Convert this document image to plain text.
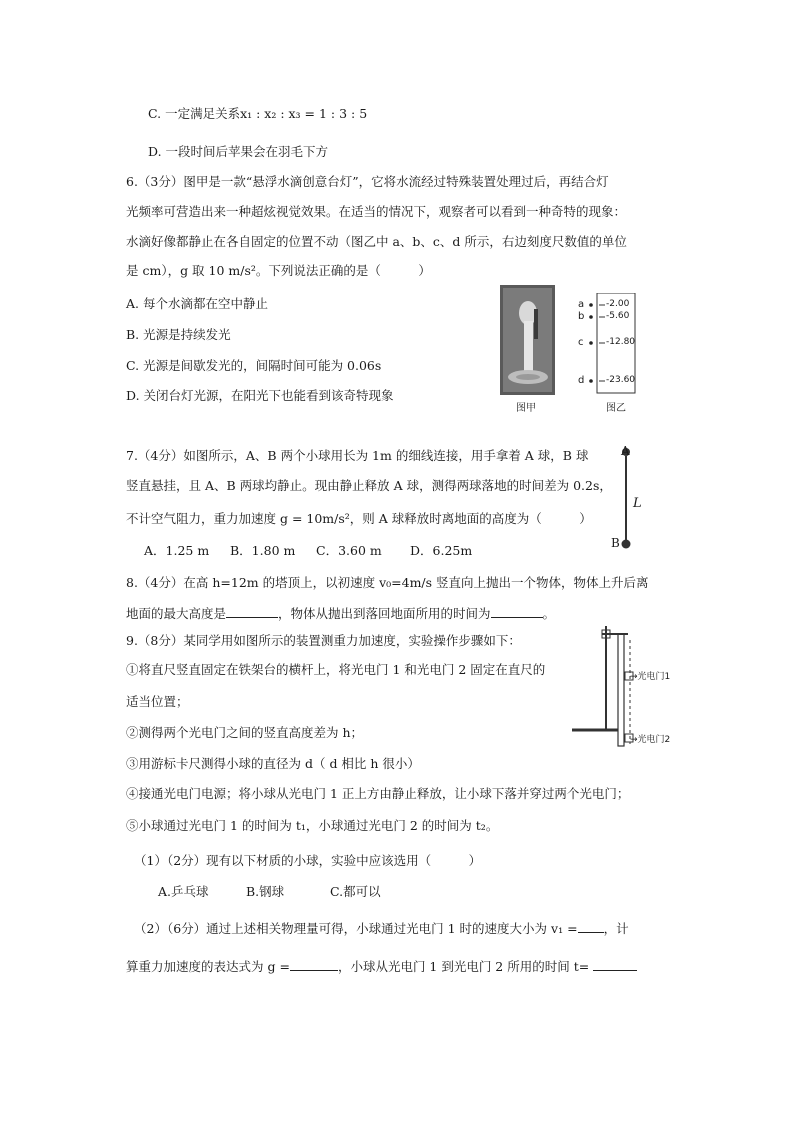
C. 一定满足关系x₁ : x₂ : x₃ = 1 : 3 : 5
D. 一段时间后苹果会在羽毛下方
6.（3分）图甲是一款“悬浮水滴创意台灯”，它将水流经过特殊装置处理过后，再结合灯
光频率可营造出来一种超炫视觉效果。在适当的情况下，观察者可以看到一种奇特的现象：
水滴好像都静止在各自固定的位置不动（图乙中 a、b、c、d 所示，右边刻度尺数值的单位
是 cm），g 取 10 m/s²。下列说法正确的是（　　　）
A. 每个水滴都在空中静止
B. 光源是持续发光
C. 光源是间歇发光的，间隔时间可能为 0.06s
D. 关闭台灯光源，在阳光下也能看到该奇特现象
图甲
a
b
c
d
-2.00
-5.60
-12.80
-23.60
图乙
7.（4分）如图所示，A、B 两个小球用长为 1m 的细线连接，用手拿着 A 球，B 球
竖直悬挂，且 A、B 两球均静止。现由静止释放 A 球，测得两球落地的时间差为 0.2s，
不计空气阻力，重力加速度 g = 10m/s²，则 A 球释放时离地面的高度为（　　　）
A．1.25 m B．1.80 m C．3.60 m D．6.25m
A
B
L
8.（4分）在高 h=12m 的塔顶上，以初速度 v₀=4m/s 竖直向上抛出一个物体，物体上升后离
地面的最大高度是	，物体从抛出到落回地面所用的时间为	。
9.（8分）某同学用如图所示的装置测重力加速度，实验操作步骤如下：
①将直尺竖直固定在铁架台的横杆上，将光电门 1 和光电门 2 固定在直尺的
适当位置；
②测得两个光电门之间的竖直高度差为 h；
③用游标卡尺测得小球的直径为 d（ d 相比 h 很小）
④接通光电门电源；将小球从光电门 1 正上方由静止释放，让小球下落并穿过两个光电门；
⑤小球通过光电门 1 的时间为 t₁，小球通过光电门 2 的时间为 t₂。
（1）（2分）现有以下材质的小球，实验中应该选用（　　　）
A.乒乓球	B.钢球	C.都可以
（2）（6分）通过上述相关物理量可得，小球通过光电门 1 时的速度大小为 v₁ = ，计
算重力加速度的表达式为 g =	，小球从光电门 1 到光电门 2 所用的时间 t=
→光电门1
→光电门2
